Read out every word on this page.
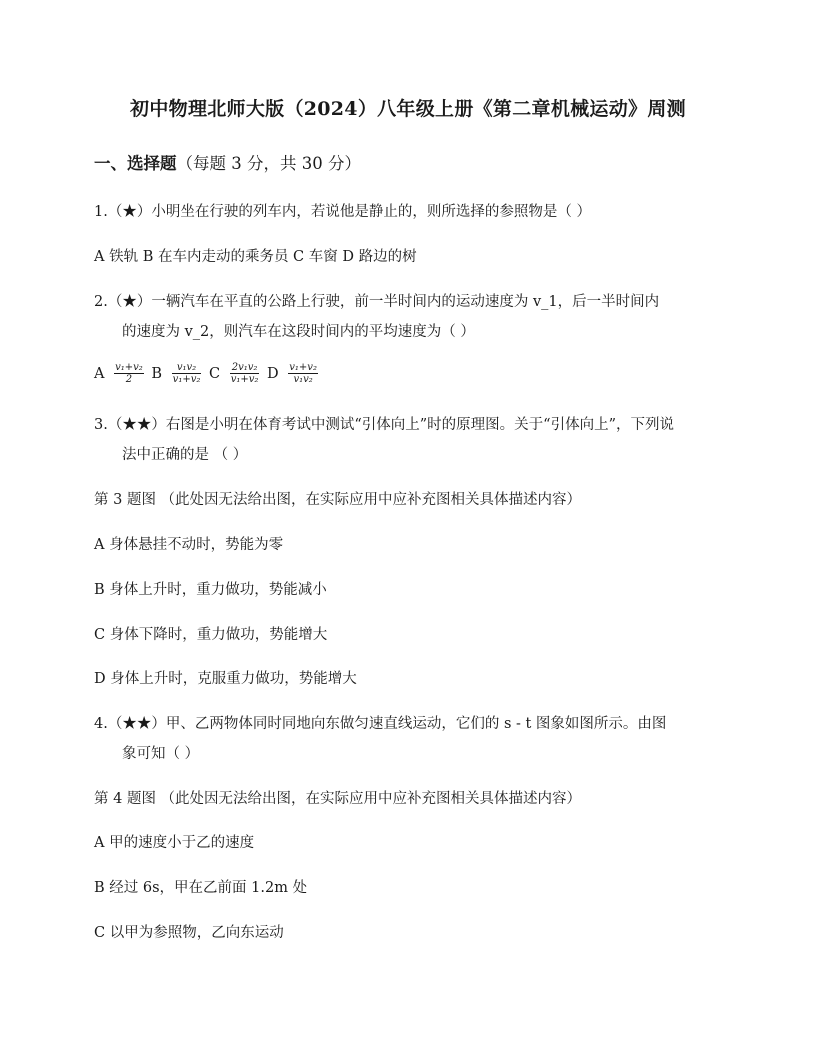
初中物理北师大版（2024）八年级上册《第二章机械运动》周测
一、选择题（每题 3 分，共 30 分）
1.（★）小明坐在行驶的列车内，若说他是静止的，则所选择的参照物是（ ）
A 铁轨 B 在车内走动的乘务员 C 车窗 D 路边的树
2.（★）一辆汽车在平直的公路上行驶，前一半时间内的运动速度为 v_1，后一半时间内
的速度为 v_2，则汽车在这段时间内的平均速度为（ ）
A $\frac{\text{v₁+v₂}}{2}$ B $\frac{\text{v₁v₂}}{\text{v₁+v₂}}$ C $\frac{\text{2v₁v₂}}{\text{v₁+v₂}}$ D $\frac{\text{v₁+v₂}}{\text{v₁v₂}}$
3.（★★）右图是小明在体育考试中测试“引体向上”时的原理图。关于“引体向上”，下列说
法中正确的是 （ ）
第 3 题图 （此处因无法给出图，在实际应用中应补充图相关具体描述内容）
A 身体悬挂不动时，势能为零
B 身体上升时，重力做功，势能减小
C 身体下降时，重力做功，势能增大
D 身体上升时，克服重力做功，势能增大
4.（★★）甲、乙两物体同时同地向东做匀速直线运动，它们的 s - t 图象如图所示。由图
象可知（ ）
第 4 题图 （此处因无法给出图，在实际应用中应补充图相关具体描述内容）
A 甲的速度小于乙的速度
B 经过 6s，甲在乙前面 1.2m 处
C 以甲为参照物，乙向东运动
